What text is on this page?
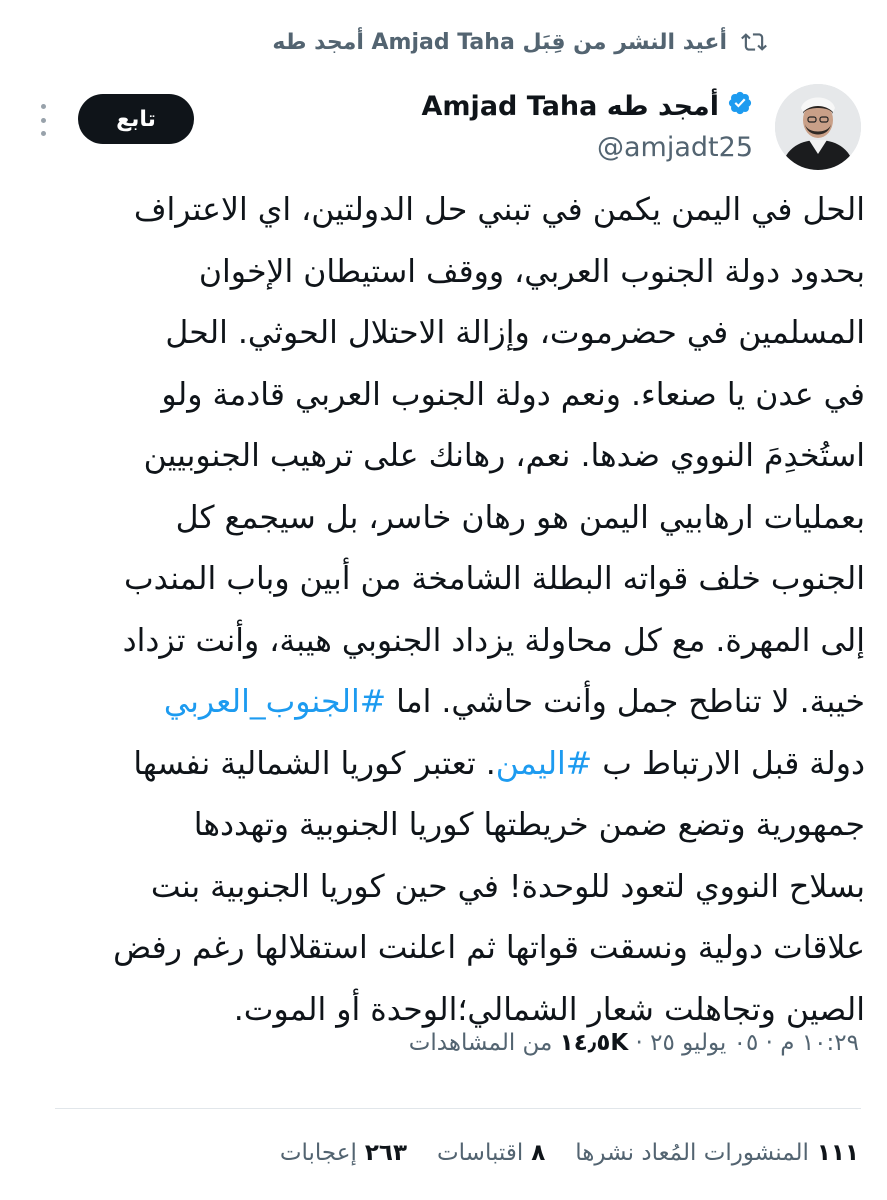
أعيد النشر من قِبَل Amjad Taha أمجد طه
Amjad Taha أمجد طه
@amjadt25
تابع
الحل في اليمن يكمن في تبني حل الدولتين، اي الاعتراف
بحدود دولة الجنوب العربي، ووقف استيطان الإخوان
المسلمين في حضرموت، وإزالة الاحتلال الحوثي. الحل
في عدن يا صنعاء. ونعم دولة الجنوب العربي قادمة ولو
استُخدِمَ النووي ضدها. نعم، رهانك على ترهيب الجنوبيين
بعمليات ارهابيي اليمن هو رهان خاسر، بل سيجمع كل
الجنوب خلف قواته البطلة الشامخة من أبين وباب المندب
إلى المهرة. مع كل محاولة يزداد الجنوبي هيبة، وأنت تزداد
خيبة. لا تناطح جمل وأنت حاشي. اما #الجنوب_العربي
دولة قبل الارتباط ب #اليمن. تعتبر كوريا الشمالية نفسها
جمهورية وتضع ضمن خريطتها كوريا الجنوبية وتهددها
بسلاح النووي لتعود للوحدة! في حين كوريا الجنوبية بنت
علاقات دولية ونسقت قواتها ثم اعلنت استقلالها رغم رفض
الصين وتجاهلت شعار الشمالي؛الوحدة أو الموت.
١٠:٢٩ م · ٠٥ يوليو ٢٥ · ١٤٫٥K من المشاهدات
١١١
المنشورات المُعاد نشرها
٨
اقتباسات
٢٦٣
إعجابات
